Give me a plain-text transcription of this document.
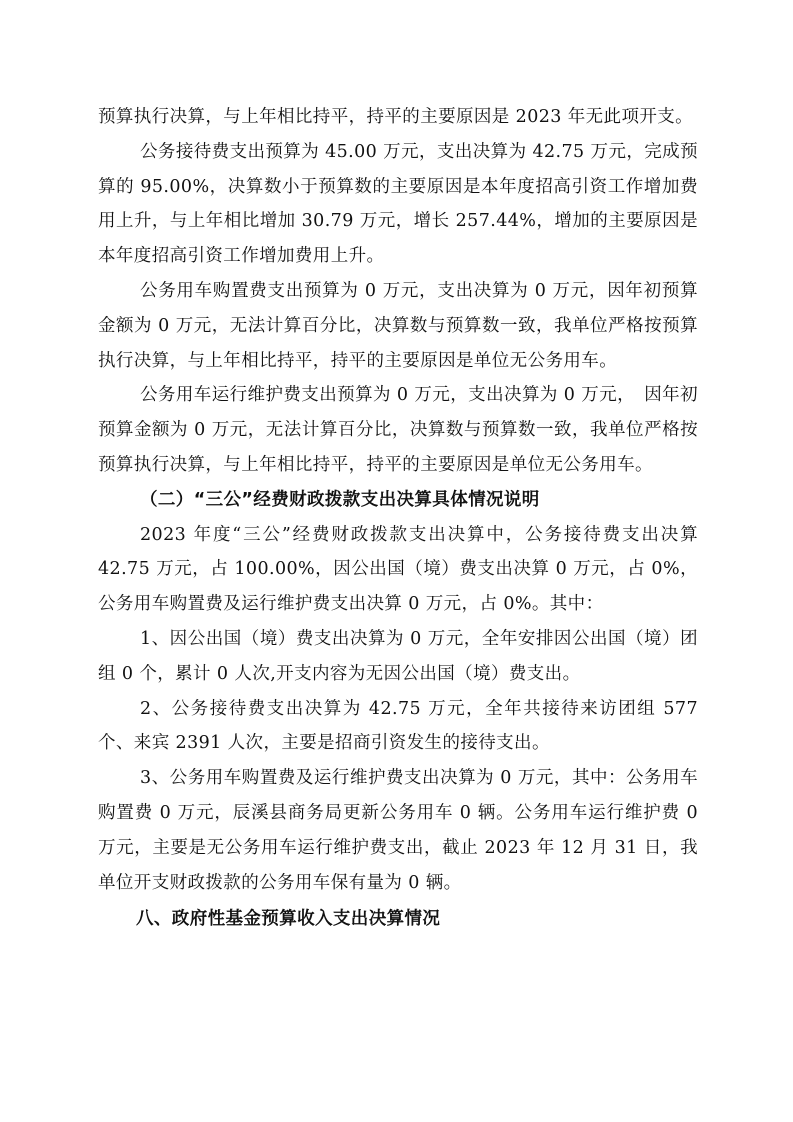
预算执行决算，与上年相比持平，持平的主要原因是 2023 年无此项开支。

公务接待费支出预算为 45.00 万元，支出决算为 42.75 万元，完成预算的 95.00%，决算数小于预算数的主要原因是本年度招高引资工作增加费用上升，与上年相比增加 30.79 万元，增长 257.44%，增加的主要原因是本年度招高引资工作增加费用上升。

公务用车购置费支出预算为 0 万元，支出决算为 0 万元，因年初预算金额为 0 万元，无法计算百分比，决算数与预算数一致，我单位严格按预算执行决算，与上年相比持平，持平的主要原因是单位无公务用车。

公务用车运行维护费支出预算为 0 万元，支出决算为 0 万元，　因年初预算金额为 0 万元，无法计算百分比，决算数与预算数一致，我单位严格按预算执行决算，与上年相比持平，持平的主要原因是单位无公务用车。

（二）“三公”经费财政拨款支出决算具体情况说明

2023 年度“三公”经费财政拨款支出决算中，公务接待费支出决算 42.75 万元，占 100.00%，因公出国（境）费支出决算 0 万元，占 0%，公务用车购置费及运行维护费支出决算 0 万元，占 0%。其中：

1、因公出国（境）费支出决算为 0 万元，全年安排因公出国（境）团组 0 个，累计 0 人次,开支内容为无因公出国（境）费支出。

2、公务接待费支出决算为 42.75 万元，全年共接待来访团组 577 个、来宾 2391 人次，主要是招商引资发生的接待支出。

3、公务用车购置费及运行维护费支出决算为 0 万元，其中：公务用车购置费 0 万元，辰溪县商务局更新公务用车 0 辆。公务用车运行维护费 0 万元，主要是无公务用车运行维护费支出，截止 2023 年 12 月 31 日，我单位开支财政拨款的公务用车保有量为 0 辆。

八、政府性基金预算收入支出决算情况
